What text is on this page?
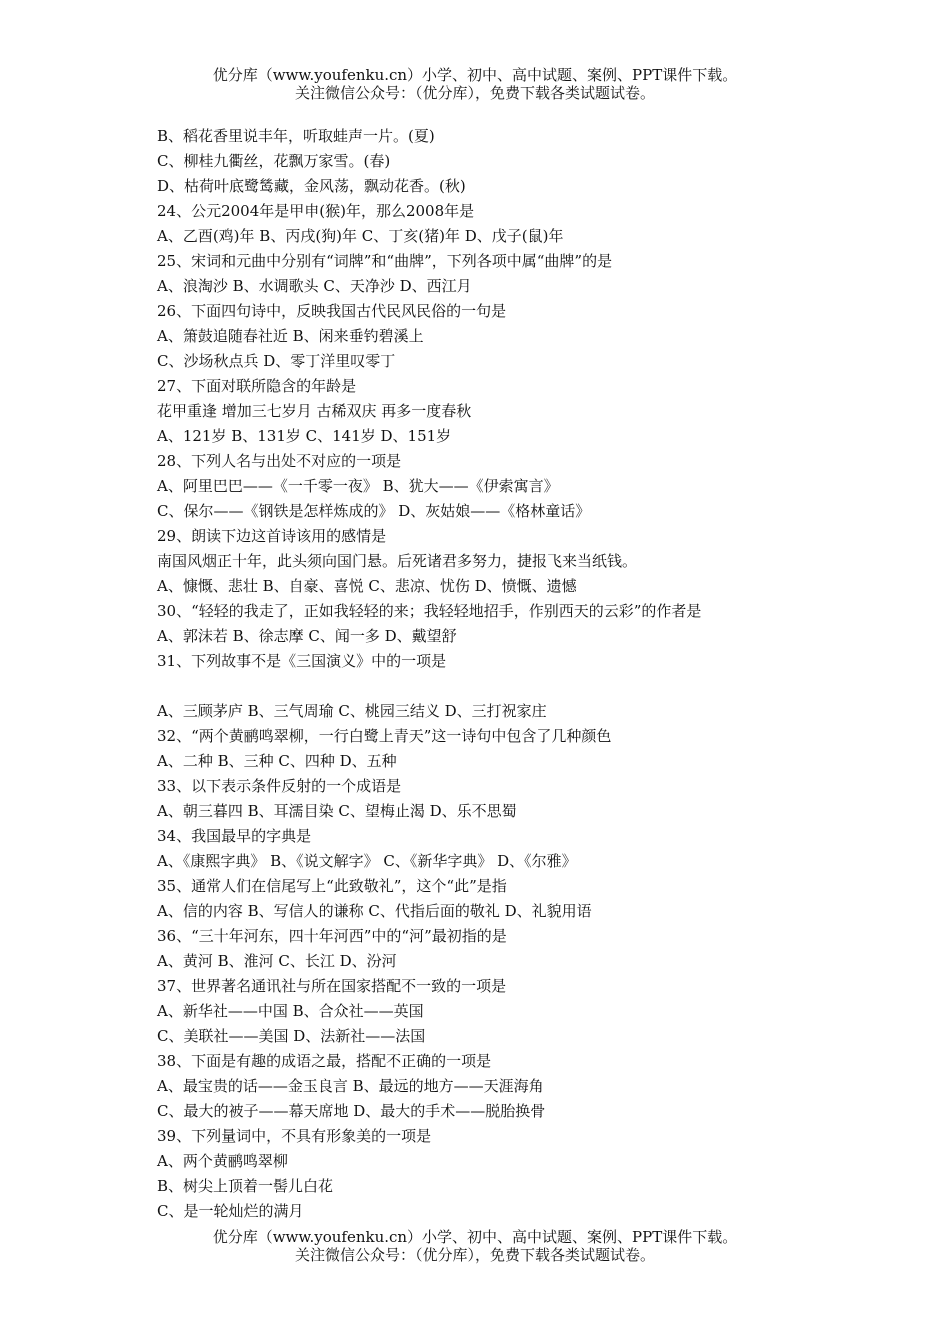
优分库（www.youfenku.cn）小学、初中、高中试题、案例、PPT课件下载。
关注微信公众号：（优分库），免费下载各类试题试卷。
B、稻花香里说丰年，听取蛙声一片。(夏)
C、柳桂九衢丝，花飘万家雪。(春)
D、枯荷叶底鹭鸶藏，金风荡，飘动花香。(秋)
24、公元2004年是甲申(猴)年，那么2008年是
A、乙酉(鸡)年 B、丙戌(狗)年 C、丁亥(猪)年 D、戊子(鼠)年
25、宋词和元曲中分别有“词牌”和“曲牌”，下列各项中属“曲牌”的是
A、浪淘沙 B、水调歌头 C、天净沙 D、西江月
26、下面四句诗中，反映我国古代民风民俗的一句是
A、箫鼓追随春社近 B、闲来垂钓碧溪上
C、沙场秋点兵 D、零丁洋里叹零丁
27、下面对联所隐含的年龄是
花甲重逢 增加三七岁月 古稀双庆 再多一度春秋
A、121岁 B、131岁 C、141岁 D、151岁
28、下列人名与出处不对应的一项是
A、阿里巴巴——《一千零一夜》 B、犹大——《伊索寓言》
C、保尔——《钢铁是怎样炼成的》 D、灰姑娘——《格林童话》
29、朗读下边这首诗该用的感情是
南国风烟正十年，此头须向国门悬。后死诸君多努力，捷报飞来当纸钱。
A、慷慨、悲壮 B、自豪、喜悦 C、悲凉、忧伤 D、愤慨、遗憾
30、“轻轻的我走了，正如我轻轻的来；我轻轻地招手，作别西天的云彩”的作者是
A、郭沫若 B、徐志摩 C、闻一多 D、戴望舒
31、下列故事不是《三国演义》中的一项是
A、三顾茅庐 B、三气周瑜 C、桃园三结义 D、三打祝家庄
32、“两个黄鹂鸣翠柳，一行白鹭上青天”这一诗句中包含了几种颜色
A、二种 B、三种 C、四种 D、五种
33、以下表示条件反射的一个成语是
A、朝三暮四 B、耳濡目染 C、望梅止渴 D、乐不思蜀
34、我国最早的字典是
A、《康熙字典》 B、《说文解字》 C、《新华字典》 D、《尔雅》
35、通常人们在信尾写上“此致敬礼”，这个“此”是指
A、信的内容 B、写信人的谦称 C、代指后面的敬礼 D、礼貌用语
36、“三十年河东，四十年河西”中的“河”最初指的是
A、黄河 B、淮河 C、长江 D、汾河
37、世界著名通讯社与所在国家搭配不一致的一项是
A、新华社——中国 B、合众社——英国
C、美联社——美国 D、法新社——法国
38、下面是有趣的成语之最，搭配不正确的一项是
A、最宝贵的话——金玉良言 B、最远的地方——天涯海角
C、最大的被子——幕天席地 D、最大的手术——脱胎换骨
39、下列量词中，不具有形象美的一项是
A、两个黄鹂鸣翠柳
B、树尖上顶着一髻儿白花
C、是一轮灿烂的满月
优分库（www.youfenku.cn）小学、初中、高中试题、案例、PPT课件下载。
关注微信公众号：（优分库），免费下载各类试题试卷。
